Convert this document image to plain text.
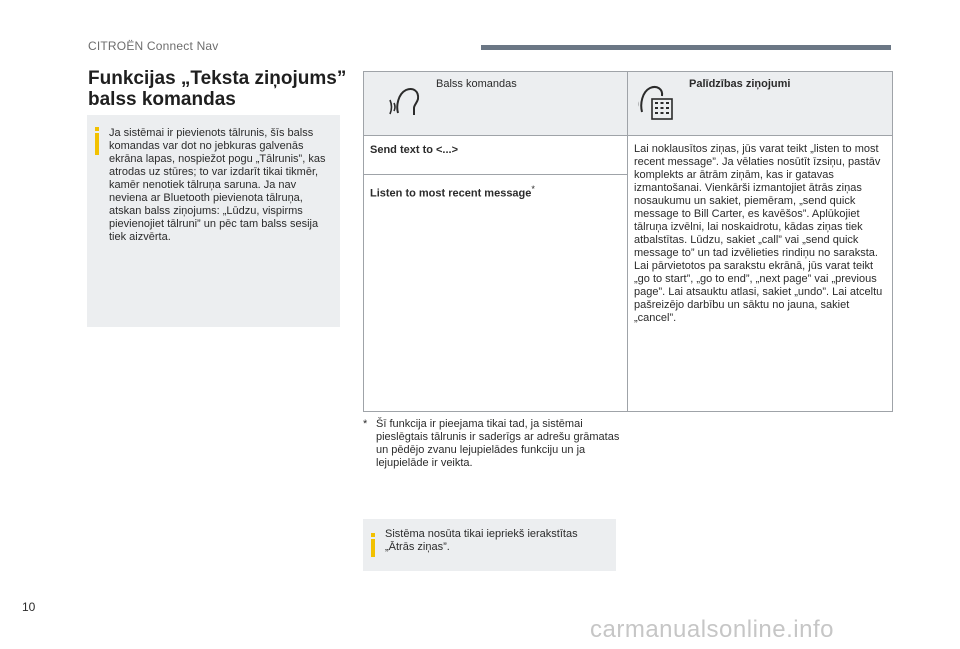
CITROËN Connect Nav
Funkcijas „Teksta ziņojums” balss komandas
Ja sistēmai ir pievienots tālrunis, šīs balss komandas var dot no jebkuras galvenās ekrāna lapas, nospiežot pogu „Tālrunis”, kas atrodas uz stūres; to var izdarīt tikai tikmēr, kamēr nenotiek tālruņa saruna. Ja nav neviena ar Bluetooth pievienota tālruņa, atskan balss ziņojums: „Lūdzu, vispirms pievienojiet tālruni” un pēc tam balss sesija tiek aizvērta.
Balss komandas	Palīdzības ziņojumi

Send text to <...>	Lai noklausītos ziņas, jūs varat teikt „listen to most recent message”. Ja vēlaties nosūtīt īzsiņu, pastāv komplekts ar ātrām ziņām, kas ir gatavas izmantošanai. Vienkārši izmantojiet ātrās ziņas nosaukumu un sakiet, piemēram, „send quick message to Bill Carter, es kavēšos”. Aplūkojiet tālruņa izvēlni, lai noskaidrotu, kādas ziņas tiek atbalstītas. Lūdzu, sakiet „call” vai „send quick message to” un tad izvēlieties rindiņu no saraksta. Lai pārvietotos pa sarakstu ekrānā, jūs varat teikt „go to start”, „go to end”, „next page” vai „previous page”. Lai atsauktu atlasi, sakiet „undo”. Lai atceltu pašreizējo darbību un sāktu no jauna, sakiet „cancel”.
Listen to most recent message*
* Šī funkcija ir pieejama tikai tad, ja sistēmai pieslēgtais tālrunis ir saderīgs ar adrešu grāmatas un pēdējo zvanu lejupielādes funkciju un ja lejupielāde ir veikta.
Sistēma nosūta tikai iepriekš ierakstītas „Ātrās ziņas”.
10
carmanualsonline.info
